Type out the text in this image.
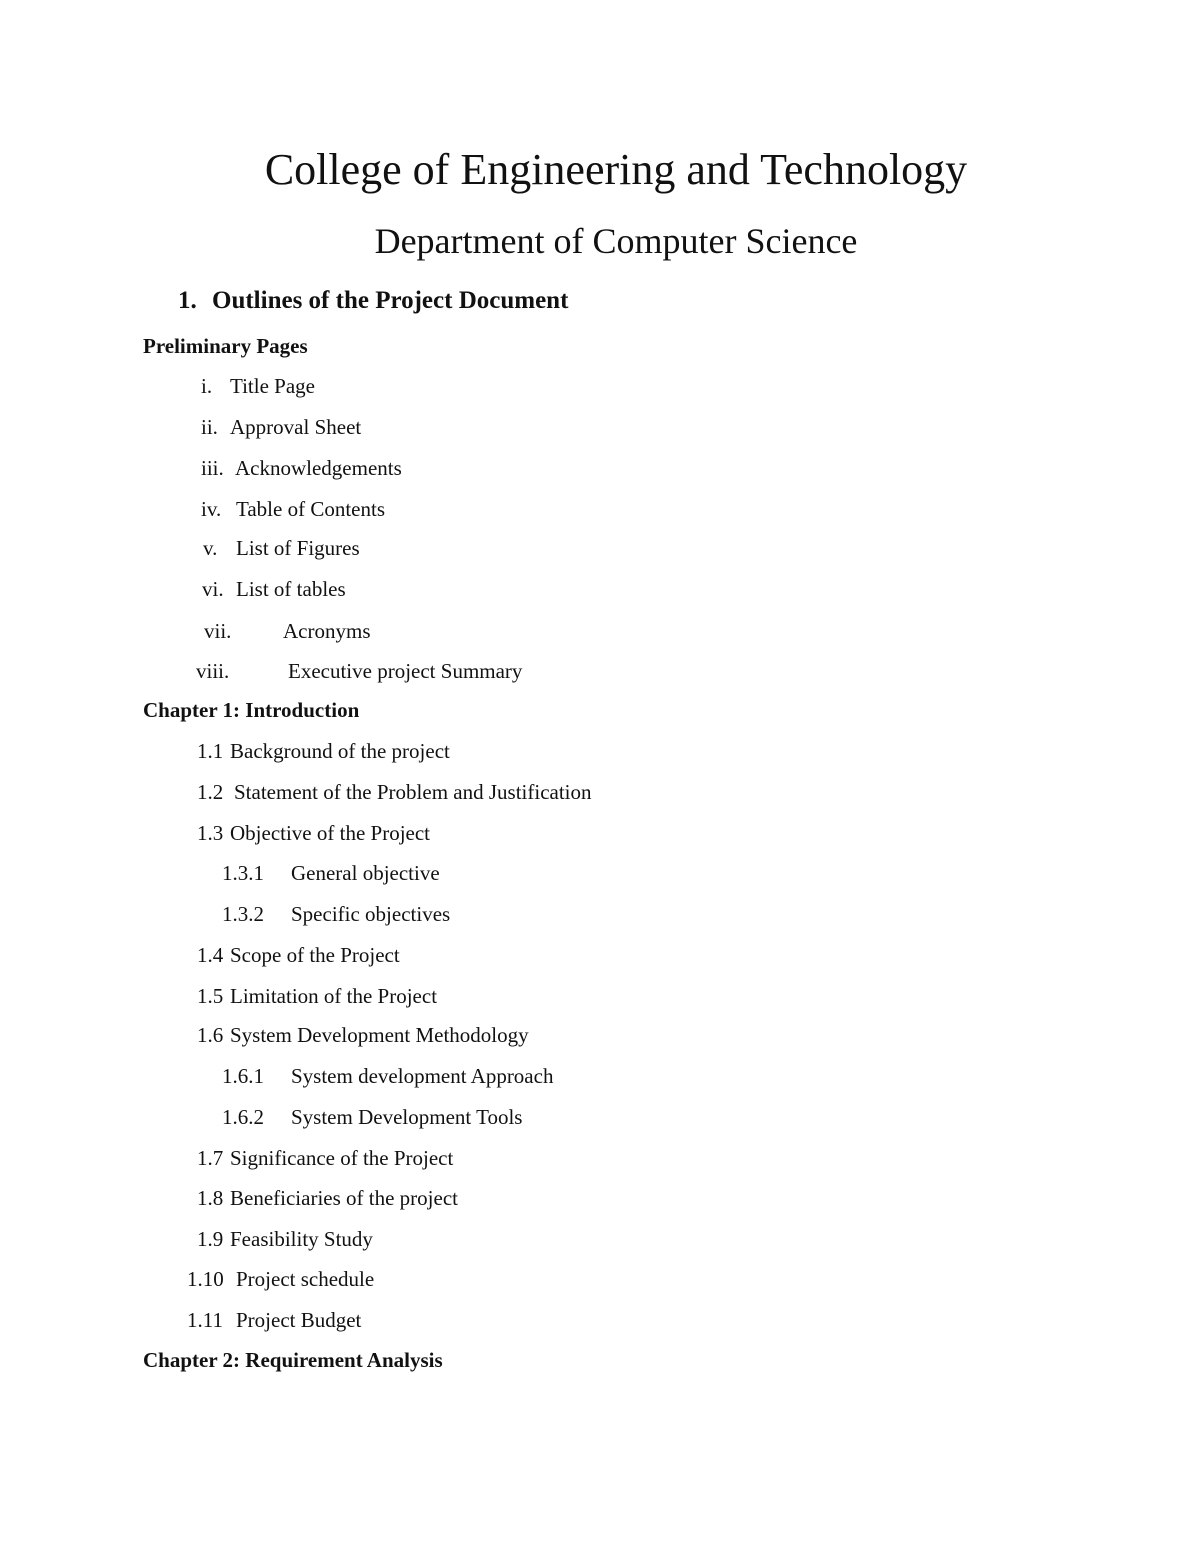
College of Engineering and Technology
Department of Computer Science
1. Outlines of the Project Document
Preliminary Pages
i. Title Page
ii. Approval Sheet
iii. Acknowledgements
iv. Table of Contents
v. List of Figures
vi. List of tables
vii. Acronyms
viii.	Executive project Summary
Chapter 1: Introduction
1.1 Background of the project
1.2 Statement of the Problem and Justification
1.3 Objective of the Project
1.3.1 General objective
1.3.2 Specific objectives
1.4 Scope of the Project
1.5 Limitation of the Project
1.6 System Development Methodology
1.6.1 System development Approach
1.6.2 System Development Tools
1.7 Significance of the Project
1.8 Beneficiaries of the project
1.9 Feasibility Study
1.10 Project schedule
1.11 Project Budget
Chapter 2: Requirement Analysis
